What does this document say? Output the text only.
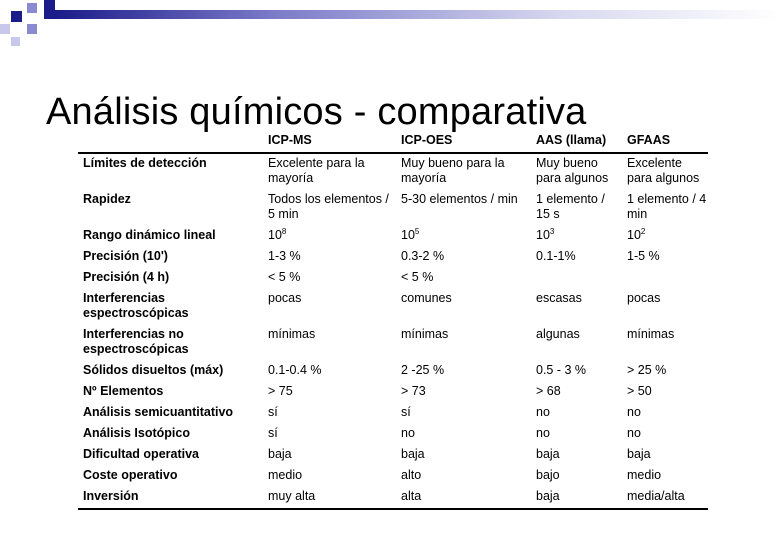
Análisis químicos - comparativa
	ICP-MS	ICP-OES	AAS (llama)	GFAAS
Límites de detección	Excelente para la mayoría	Muy bueno para la mayoría	Muy bueno para algunos	Excelente para algunos
Rapidez	Todos los elementos / 5 min	5-30 elementos / min	1 elemento / 15 s	1 elemento / 4 min
Rango dinámico lineal	$10^8$	$10^5$	$10^3$	$10^2$
Precisión (10')	1-3 %	0.3-2 %	0.1-1%	1-5 %
Precisión (4 h)	< 5 %	< 5 %		
Interferencias espectroscópicas	pocas	comunes	escasas	pocas
Interferencias no espectroscópicas	mínimas	mínimas	algunas	mínimas
Sólidos disueltos (máx)	0.1-0.4 %	2 -25 %	0.5 - 3 %	> 25 %
Nº Elementos	> 75	> 73	> 68	> 50
Análisis semicuantitativo	sí	sí	no	no
Análisis Isotópico	sí	no	no	no
Dificultad operativa	baja	baja	baja	baja
Coste operativo	medio	alto	bajo	medio
Inversión	muy alta	alta	baja	media/alta
